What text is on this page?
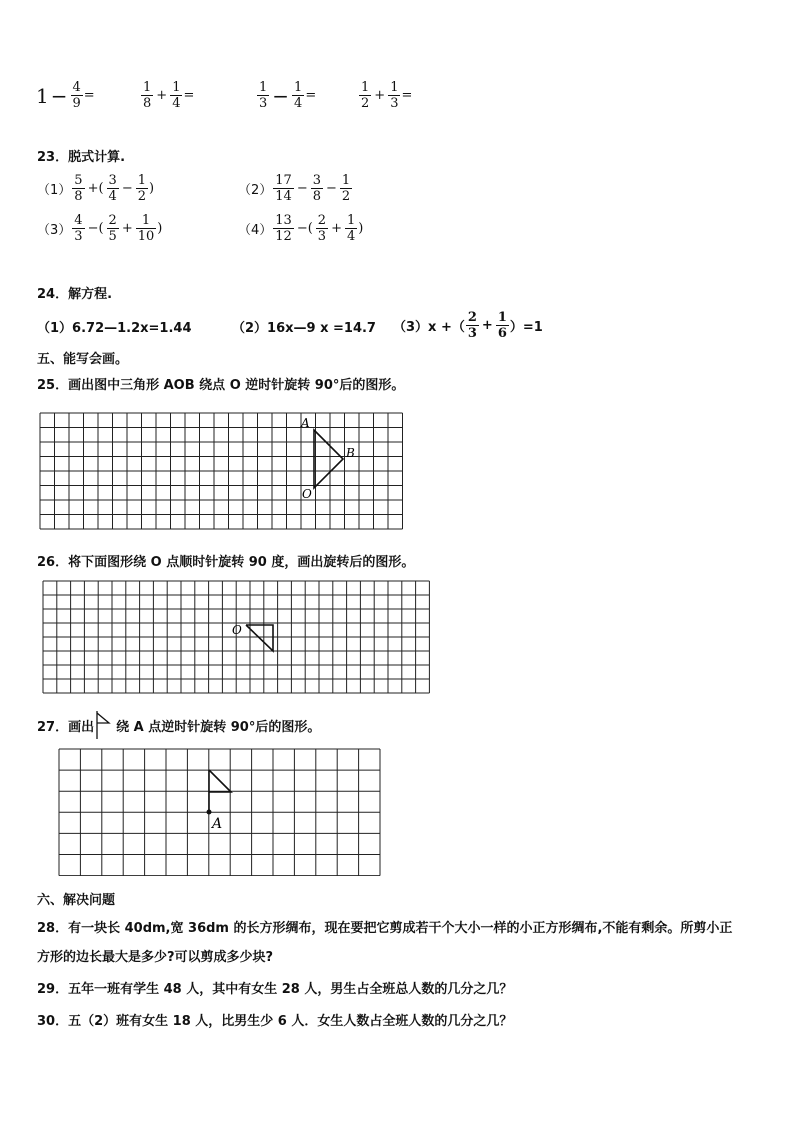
$1 - \frac{4}{9}$ =	$\frac{1}{8} + \frac{1}{4}$ =	$\frac{1}{3} - \frac{1}{4}$ =	$\frac{1}{2} + \frac{1}{3}$ =
23．脱式计算.
$(1) \frac{5}{8}$ +( $\frac{3}{4} - \frac{1}{2}$ )	$(2) \frac{17}{14} - \frac{3}{8} - \frac{1}{2}$
$(3) \frac{4}{3}$ −( $\frac{2}{5} + \frac{1}{10}$ )	$(4) \frac{13}{12}$ −( $\frac{2}{3} + \frac{1}{4}$ )
24．解方程.
（1）6.72—1.2x=1.44	（2）16x—9 x =14.7 （3）x +（ $\frac{2}{3} + \frac{1}{6} )=1$
五、能写会画。
25．画出图中三角形 AOB 绕点 O 逆时针旋转 90°后的图形。
A
B
O
26．将下面图形绕 O 点顺时针旋转 90 度，画出旋转后的图形。
O
27．画出 绕 A 点逆时针旋转 90°后的图形。
A
六、解决问题
28．有一块长 40dm,宽 36dm 的长方形绸布，现在要把它剪成若干个大小一样的小正方形绸布,不能有剩余。所剪小正
方形的边长最大是多少?可以剪成多少块?
29．五年一班有学生 48 人，其中有女生 28 人，男生占全班总人数的几分之几？
30．五（2）班有女生 18 人，比男生少 6 人．女生人数占全班人数的几分之几？
